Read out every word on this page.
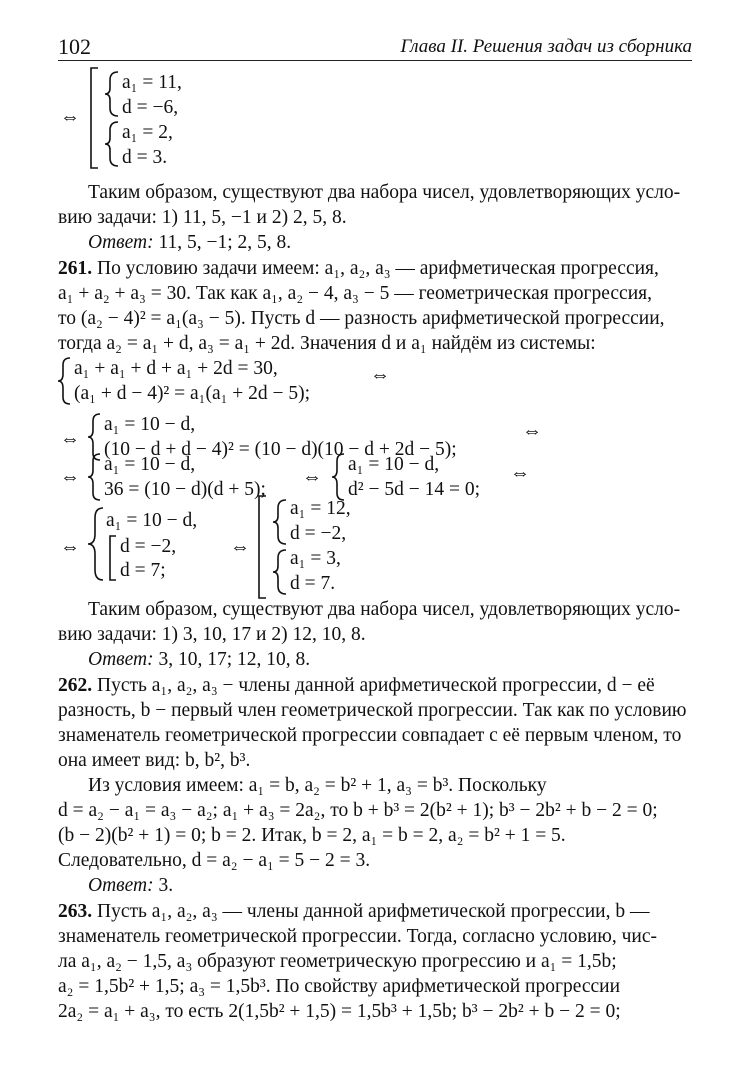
102	Глава II. Решения задач из сборника
⇔
a₁ = 11,
d = −6,
a₁ = 2,
d = 3.
Таким образом, существуют два набора чисел, удовлетворяющих усло-
вию задачи: 1) 11, 5, −1 и 2) 2, 5, 8.
Ответ: 11, 5, −1; 2, 5, 8.
261. По условию задачи имеем: a₁, a₂, a₃ — арифметическая прогрессия,
a₁ + a₂ + a₃ = 30. Так как a₁, a₂ − 4, a₃ − 5 — геометрическая прогрессия,
то (a₂ − 4)² = a₁(a₃ − 5). Пусть d — разность арифметической прогрессии,
тогда a₂ = a₁ + d, a₃ = a₁ + 2d. Значения d и a₁ найдём из системы:
a₁ + a₁ + d + a₁ + 2d = 30,
(a₁ + d − 4)² = a₁(a₁ + 2d − 5);
⇔
⇔
a₁ = 10 − d,
(10 − d + d − 4)² = (10 − d)(10 − d + 2d − 5);
⇔
⇔
a₁ = 10 − d,
36 = (10 − d)(d + 5);
⇔
a₁ = 10 − d,
d² − 5d − 14 = 0;
⇔
⇔
a₁ = 10 − d,
d = −2,
d = 7;
⇔
a₁ = 12,
d = −2,
a₁ = 3,
d = 7.
Таким образом, существуют два набора чисел, удовлетворяющих усло-
вию задачи: 1) 3, 10, 17 и 2) 12, 10, 8.
Ответ: 3, 10, 17; 12, 10, 8.
262. Пусть a₁, a₂, a₃ − члены данной арифметической прогрессии, d − её
разность, b − первый член геометрической прогрессии. Так как по условию
знаменатель геометрической прогрессии совпадает с её первым членом, то
она имеет вид: b, b², b³.
Из условия имеем: a₁ = b, a₂ = b² + 1, a₃ = b³. Поскольку
d = a₂ − a₁ = a₃ − a₂; a₁ + a₃ = 2a₂, то b + b³ = 2(b² + 1); b³ − 2b² + b − 2 = 0;
(b − 2)(b² + 1) = 0; b = 2. Итак, b = 2, a₁ = b = 2, a₂ = b² + 1 = 5.
Следовательно, d = a₂ − a₁ = 5 − 2 = 3.
Ответ: 3.
263. Пусть a₁, a₂, a₃ — члены данной арифметической прогрессии, b —
знаменатель геометрической прогрессии. Тогда, согласно условию, чис-
ла a₁, a₂ − 1,5, a₃ образуют геометрическую прогрессию и a₁ = 1,5b;
a₂ = 1,5b² + 1,5; a₃ = 1,5b³. По свойству арифметической прогрессии
2a₂ = a₁ + a₃, то есть 2(1,5b² + 1,5) = 1,5b³ + 1,5b; b³ − 2b² + b − 2 = 0;
